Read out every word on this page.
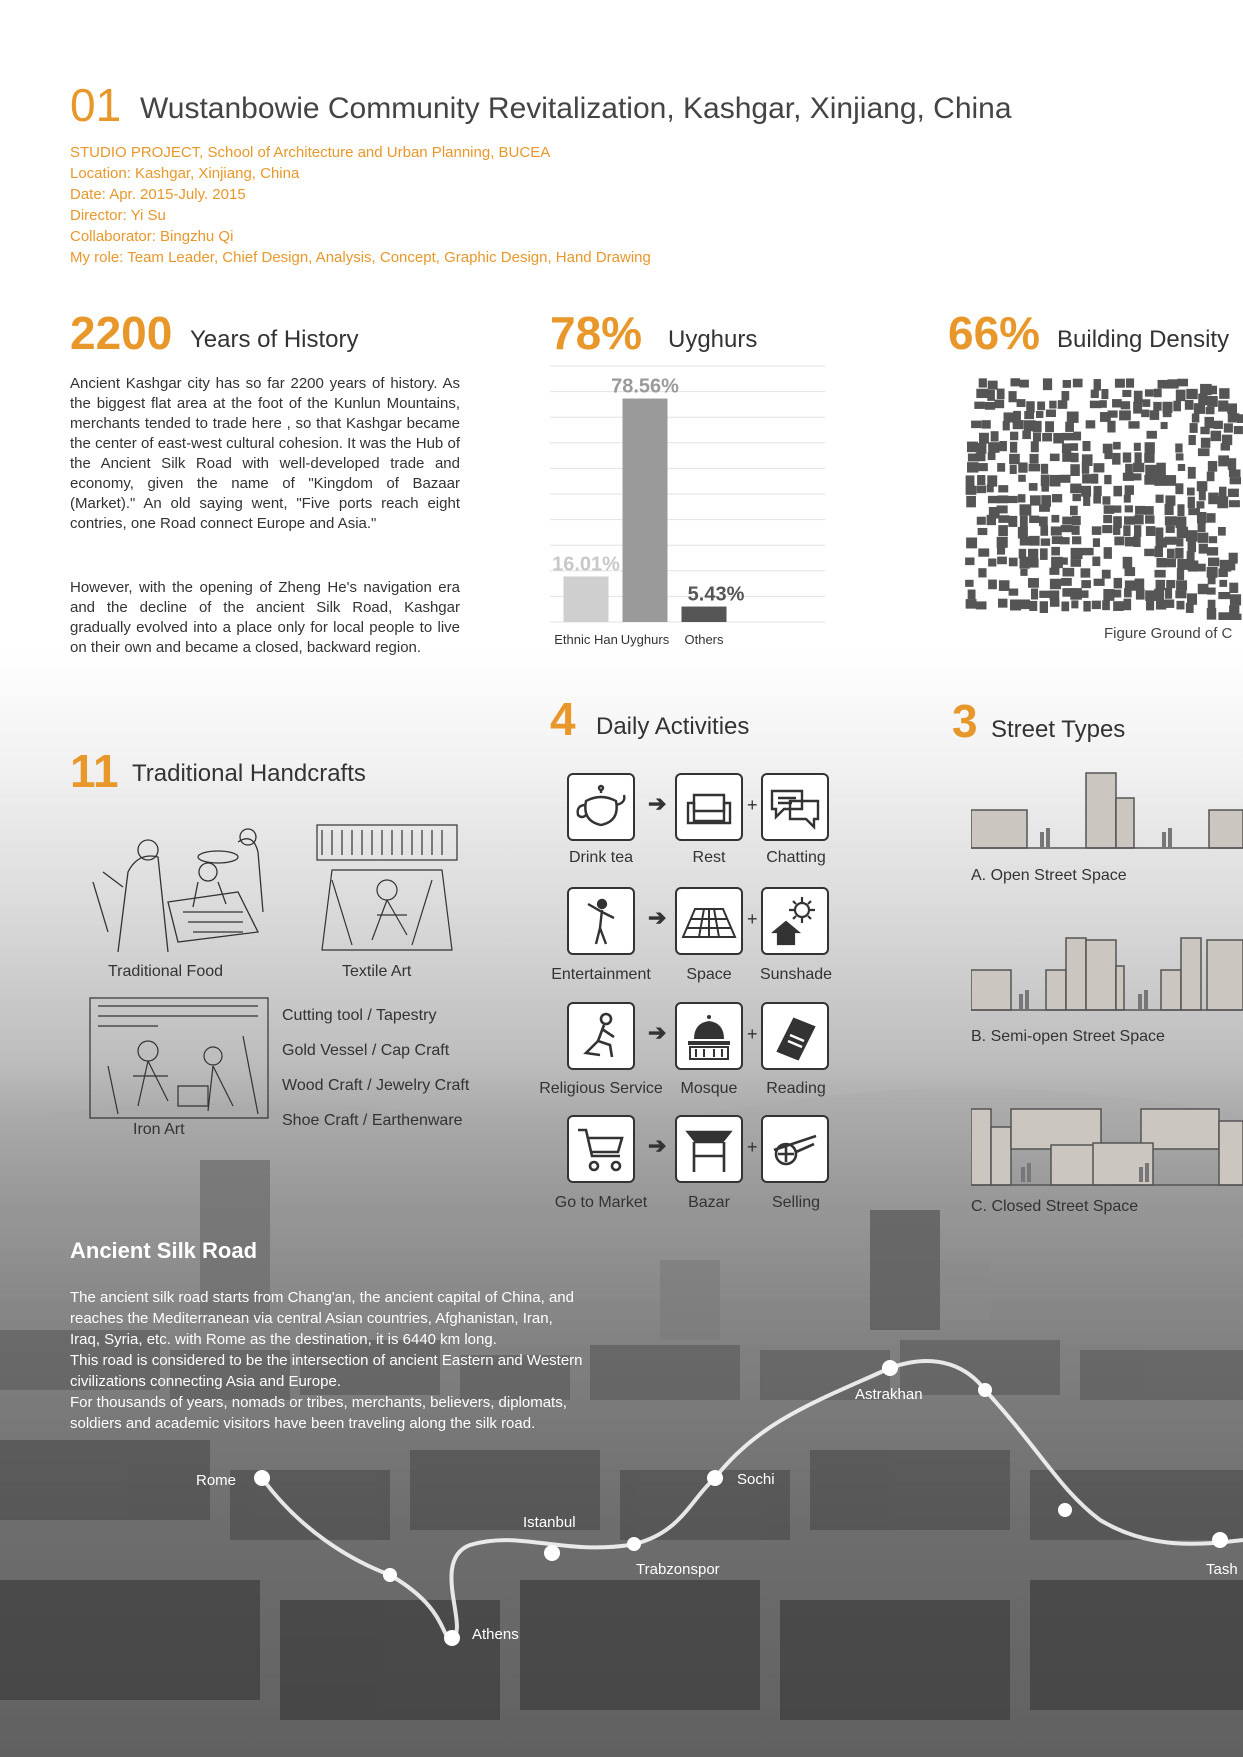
01 Wustanbowie Community Revitalization, Kashgar, Xinjiang, China
STUDIO PROJECT, School of Architecture and Urban Planning, BUCEA
Location: Kashgar, Xinjiang, China
Date: Apr. 2015-July. 2015
Director: Yi Su
Collaborator: Bingzhu Qi
My role: Team Leader, Chief Design, Analysis, Concept, Graphic Design, Hand Drawing
2200 Years of History
Ancient Kashgar city has so far 2200 years of history. As the biggest flat area at the foot of the Kunlun Mountains, merchants tended to trade here , so that Kashgar became the center of east-west cultural cohesion. It was the Hub of the Ancient Silk Road with well-developed trade and economy, given the name of "Kingdom of Bazaar (Market)." An old saying went, "Five ports reach eight contries, one Road connect Europe and Asia."
However, with the opening of Zheng He's navigation era and the decline of the ancient Silk Road, Kashgar gradually evolved into a place only for local people to live on their own and became a closed, backward region.
78% Uyghurs
16.01%
Ethnic Han
78.56%
Uyghurs
5.43%
Others
66% Building Density
Figure Ground of C
11 Traditional Handcrafts
Traditional Food	Textile Art
Iron Art
Cutting tool / Tapestry
Gold Vessel / Cap Craft
Wood Craft / Jewelry Craft
Shoe Craft / Earthenware
4 Daily Activities
➔	+
Drink tea	Rest	Chatting
➔	+
Entertainment	Space	Sunshade
➔	+
Religious Service	Mosque	Reading
➔	+
Go to Market	Bazar	Selling
3 Street Types
A. Open Street Space
B. Semi-open Street Space
C. Closed Street Space
Ancient Silk Road
The ancient silk road starts from Chang'an, the ancient capital of China, and
reaches the Mediterranean via central Asian countries, Afghanistan, Iran,
Iraq, Syria, etc. with Rome as the destination, it is 6440 km long.
This road is considered to be the intersection of ancient Eastern and Western
civilizations connecting Asia and Europe.
For thousands of years, nomads or tribes, merchants, believers, diplomats,
soldiers and academic visitors have been traveling along the silk road.
Rome
Athens
Istanbul
Trabzonspor
Sochi
Astrakhan
Tash
